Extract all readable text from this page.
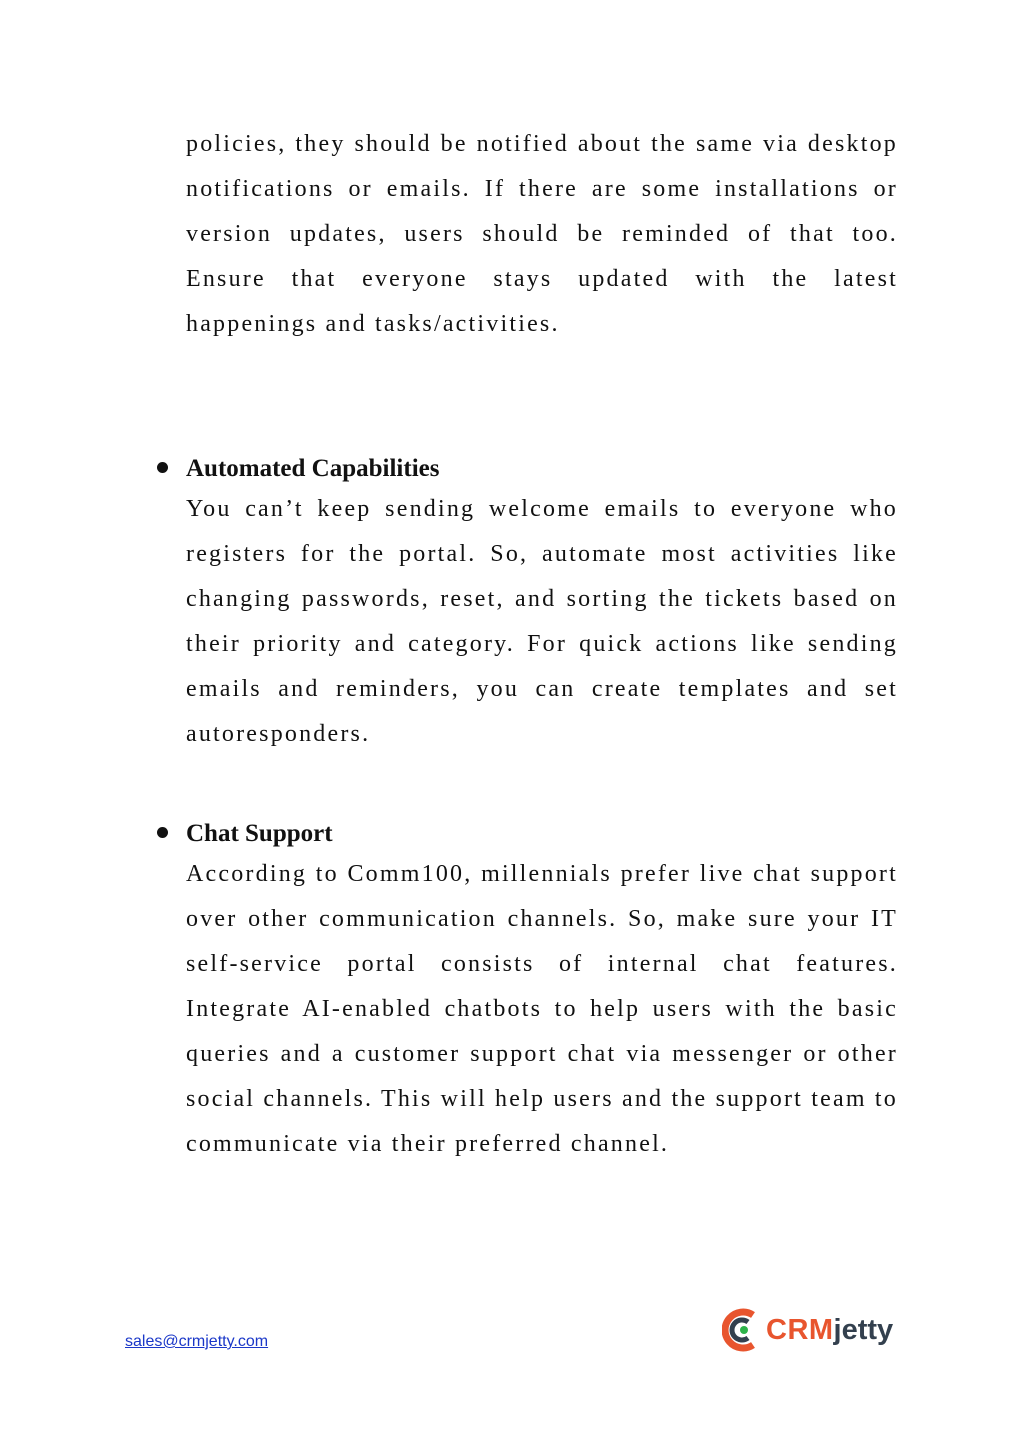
policies, they should be notified about the same via desktop notifications or emails. If there are some installations or version updates, users should be reminded of that too. Ensure that everyone stays updated with the latest happenings and tasks/activities.

Automated Capabilities

You can’t keep sending welcome emails to everyone who registers for the portal. So, automate most activities like changing passwords, reset, and sorting the tickets based on their priority and category. For quick actions like sending emails and reminders, you can create templates and set autoresponders.

Chat Support

According to Comm100, millennials prefer live chat support over other communication channels. So, make sure your IT self-service portal consists of internal chat features. Integrate AI-enabled chatbots to help users with the basic queries and a customer support chat via messenger or other social channels. This will help users and the support team to communicate via their preferred channel.

sales@crmjetty.com	CRMjetty
